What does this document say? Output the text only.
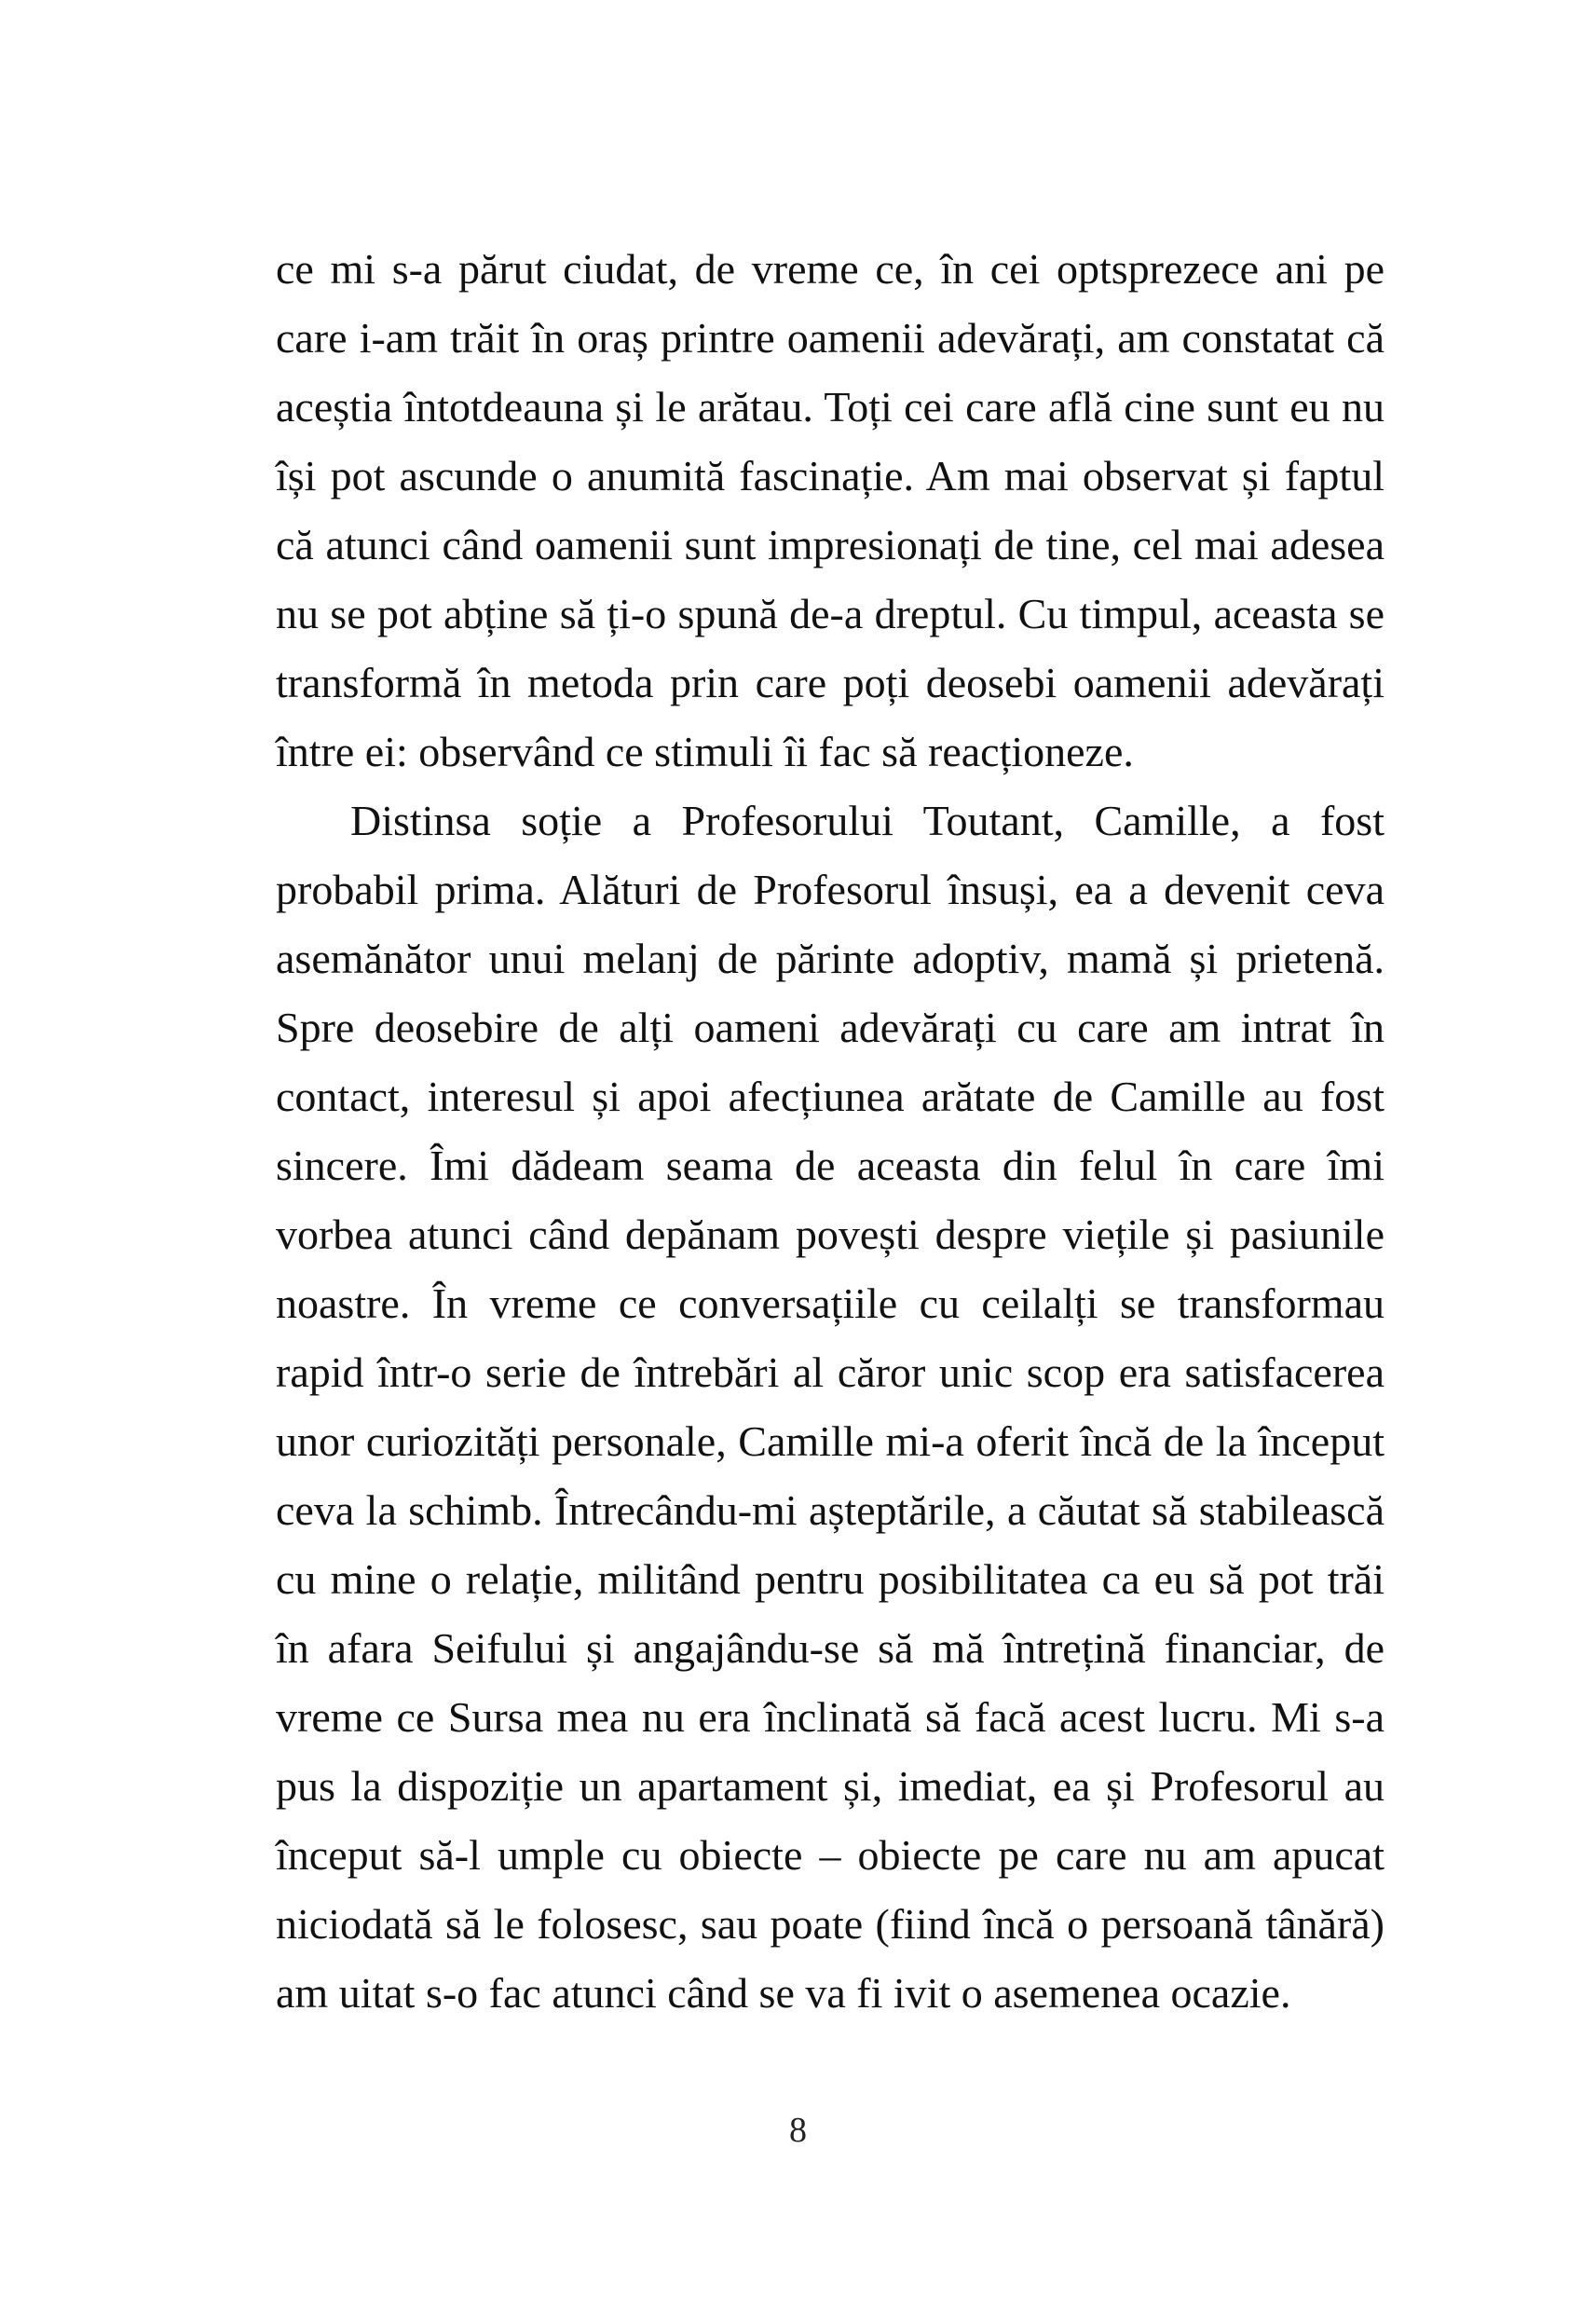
ce mi s-a părut ciudat, de vreme ce, în cei optsprezece ani pe care i-am trăit în oraș printre oamenii adevărați, am constatat că aceștia întotdeauna și le arătau. Toți cei care află cine sunt eu nu își pot ascunde o anumită fascinație. Am mai observat și faptul că atunci când oamenii sunt impresionați de tine, cel mai adesea nu se pot abține să ți-o spună de-a dreptul. Cu timpul, aceasta se transformă în metoda prin care poți deosebi oamenii adevărați între ei: observând ce stimuli îi fac să reacționeze.

Distinsa soție a Profesorului Toutant, Camille, a fost probabil prima. Alături de Profesorul însuși, ea a devenit ceva asemănător unui melanj de părinte adoptiv, mamă și prietenă. Spre deosebire de alți oameni adevărați cu care am intrat în contact, interesul și apoi afecțiunea arătate de Camille au fost sincere. Îmi dădeam seama de aceasta din felul în care îmi vorbea atunci când depănam povești despre viețile și pasiunile noastre. În vreme ce conversațiile cu ceilalți se transformau rapid într-o serie de întrebări al căror unic scop era satisfacerea unor curiozități personale, Camille mi-a oferit încă de la început ceva la schimb. Întrecându-mi așteptările, a căutat să stabilească cu mine o relație, militând pentru posibilitatea ca eu să pot trăi în afara Seifului și angajându-se să mă întrețină financiar, de vreme ce Sursa mea nu era înclinată să facă acest lucru. Mi s-a pus la dispoziție un apartament și, imediat, ea și Profesorul au început să-l umple cu obiecte – obiecte pe care nu am apucat niciodată să le folosesc, sau poate (fiind încă o persoană tânără) am uitat s-o fac atunci când se va fi ivit o asemenea ocazie.

8
